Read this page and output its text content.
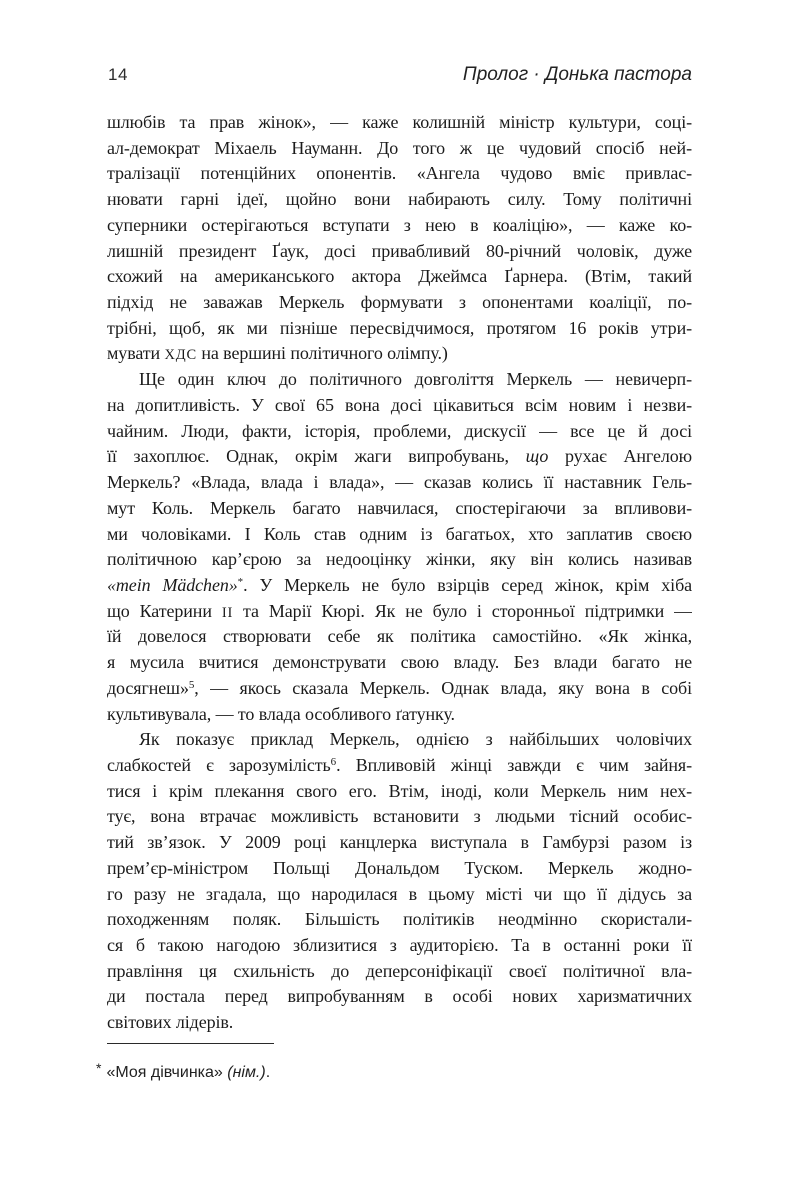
14	Пролог · Донька пастора
шлюбів та прав жінок», — каже колишній міністр культури, соці-
ал-демократ Міхаель Науманн. До того ж це чудовий спосіб ней-
тралізації потенційних опонентів. «Ангела чудово вміє привлас-
нювати гарні ідеї, щойно вони набирають силу. Тому політичні
суперники остерігаються вступати з нею в коаліцію», — каже ко-
лишній президент Ґаук, досі привабливий 80-річний чоловік, дуже
схожий на американського актора Джеймса Ґарнера. (Втім, такий
підхід не заважав Меркель формувати з опонентами коаліції, по-
трібні, щоб, як ми пізніше пересвідчимося, протягом 16 років утри-
мувати ХДС на вершині політичного олімпу.)
Ще один ключ до політичного довголіття Меркель — невичерп-
на допитливість. У свої 65 вона досі цікавиться всім новим і незви-
чайним. Люди, факти, історія, проблеми, дискусії — все це й досі
її захоплює. Однак, окрім жаги випробувань, що рухає Ангелою
Меркель? «Влада, влада і влада», — сказав колись її наставник Гель-
мут Коль. Меркель багато навчилася, спостерігаючи за впливови-
ми чоловіками. І Коль став одним із багатьох, хто заплатив своєю
політичною кар’єрою за недооцінку жінки, яку він колись називав
«mein Mädchen»*. У Меркель не було взірців серед жінок, крім хіба
що Катерини II та Марії Кюрі. Як не було і сторонньої підтримки —
їй довелося створювати себе як політика самостійно. «Як жінка,
я мусила вчитися демонструвати свою владу. Без влади багато не
досягнеш»$^5$, — якось сказала Меркель. Однак влада, яку вона в собі
культивувала, — то влада особливого ґатунку.
Як показує приклад Меркель, однією з найбільших чоловічих
слабкостей є зарозумілість$^6$. Впливовій жінці завжди є чим зайня-
тися і крім плекання свого его. Втім, іноді, коли Меркель ним нех-
тує, вона втрачає можливість встановити з людьми тісний особис-
тий зв’язок. У 2009 році канцлерка виступала в Гамбурзі разом із
прем’єр-міністром Польщі Дональдом Туском. Меркель жодно-
го разу не згадала, що народилася в цьому місті чи що її дідусь за
походженням поляк. Більшість політиків неодмінно скористали-
ся б такою нагодою зблизитися з аудиторією. Та в останні роки її
правління ця схильність до деперсоніфікації своєї політичної вла-
ди постала перед випробуванням в особі нових харизматичних
світових лідерів.
* «Моя дівчинка» (нім.).
